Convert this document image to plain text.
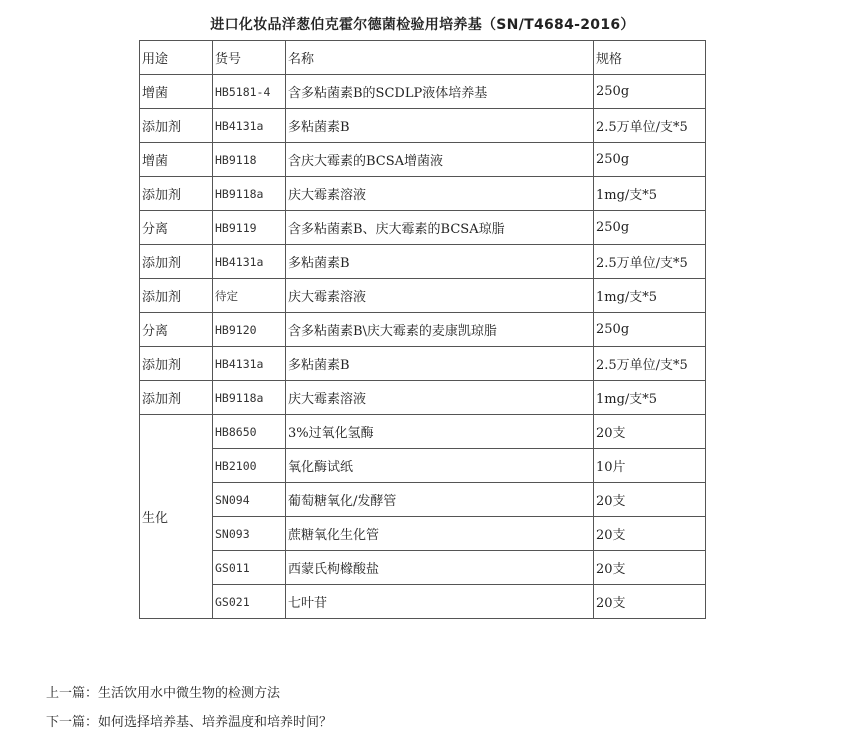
进口化妆品洋葱伯克霍尔德菌检验用培养基（SN/T4684-2016）
用途	货号	名称	规格
增菌	HB5181-4	含多粘菌素B的SCDLP液体培养基	250g
添加剂	HB4131a	多粘菌素B	2.5万单位/支*5
增菌	HB9118	含庆大霉素的BCSA增菌液	250g
添加剂	HB9118a	庆大霉素溶液	1mg/支*5
分离	HB9119	含多粘菌素B、庆大霉素的BCSA琼脂	250g
添加剂	HB4131a	多粘菌素B	2.5万单位/支*5
添加剂	待定	庆大霉素溶液	1mg/支*5
分离	HB9120	含多粘菌素B\庆大霉素的麦康凯琼脂	250g
添加剂	HB4131a	多粘菌素B	2.5万单位/支*5
添加剂	HB9118a	庆大霉素溶液	1mg/支*5
生化	HB8650	3%过氧化氢酶	20支
	HB2100	氧化酶试纸	10片
	SN094	葡萄糖氧化/发酵管	20支
	SN093	蔗糖氧化生化管	20支
	GS011	西蒙氏枸橼酸盐	20支
	GS021	七叶苷	20支
上一篇：生活饮用水中微生物的检测方法
下一篇：如何选择培养基、培养温度和培养时间？
